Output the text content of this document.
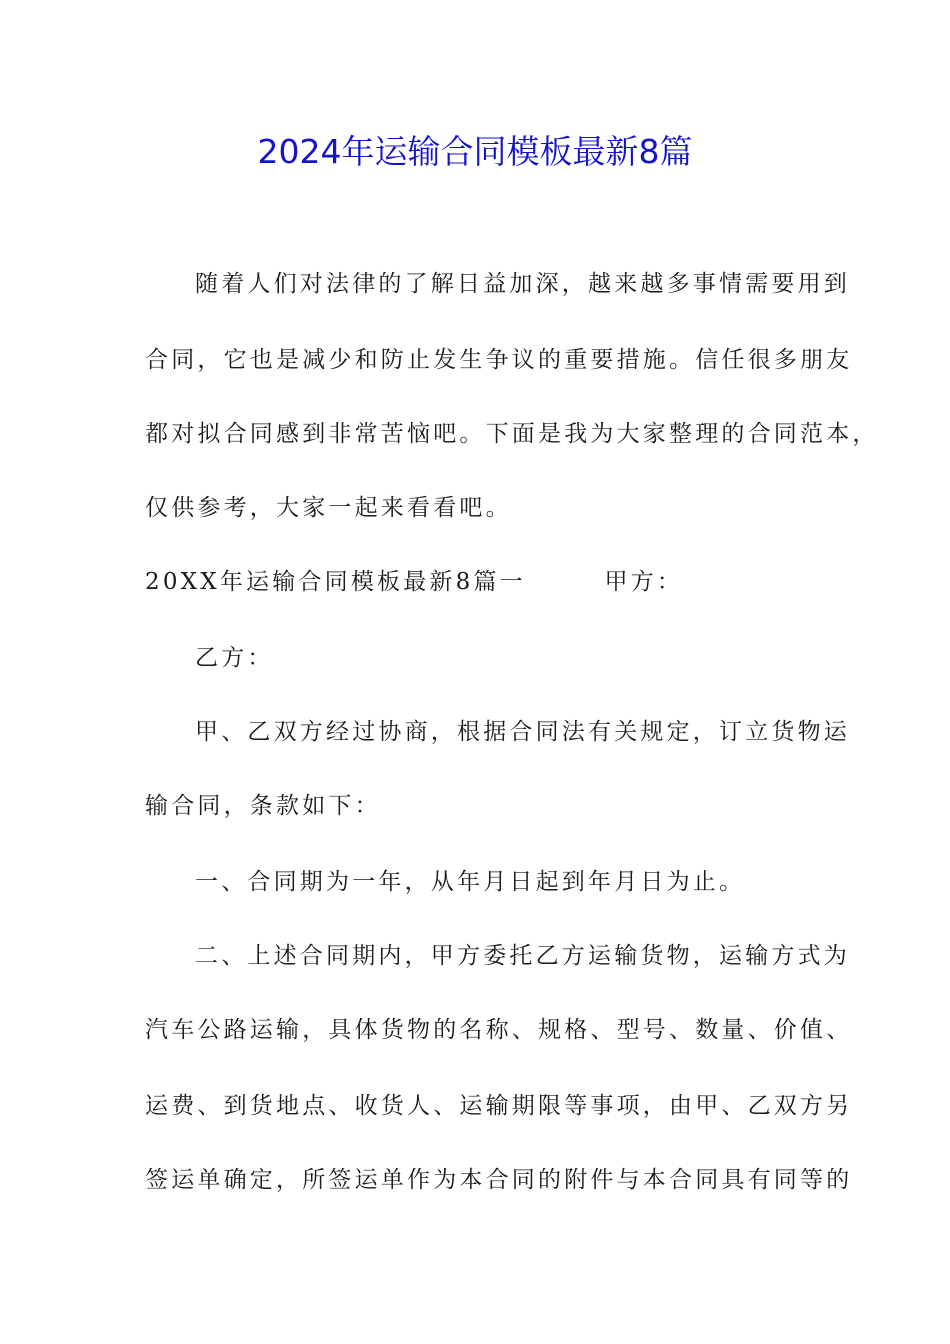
2024年运输合同模板最新8篇
随着人们对法律的了解日益加深，越来越多事情需要用到
合同，它也是减少和防止发生争议的重要措施。信任很多朋友
都对拟合同感到非常苦恼吧。下面是我为大家整理的合同范本，
仅供参考，大家一起来看看吧。
20XX年运输合同模板最新8篇一　　　甲方：
乙方：
甲、乙双方经过协商，根据合同法有关规定，订立货物运
输合同，条款如下：
一、合同期为一年，从年月日起到年月日为止。
二、上述合同期内，甲方委托乙方运输货物，运输方式为
汽车公路运输，具体货物的名称、规格、型号、数量、价值、
运费、到货地点、收货人、运输期限等事项，由甲、乙双方另
签运单确定，所签运单作为本合同的附件与本合同具有同等的
